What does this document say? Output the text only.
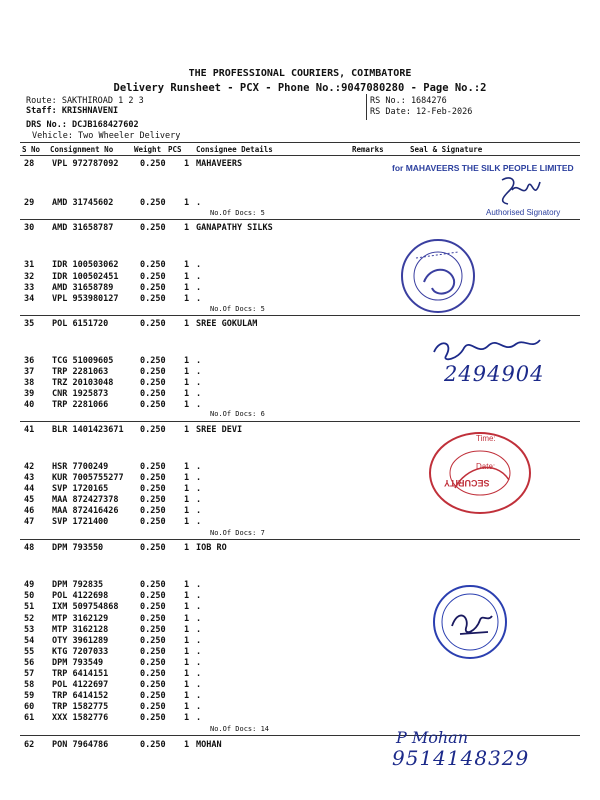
THE PROFESSIONAL COURIERS, COIMBATORE
Delivery Runsheet - PCX - Phone No.:9047080280 - Page No.:2
Route: SAKTHIROAD 1 2 3
Staff: KRISHNAVENI
DRS No.: DCJB168427602
Vehicle: Two Wheeler Delivery
RS No.: 1684276
RS Date: 12-Feb-2026
S No Consignment No	Weight PCS Consignee Details	Remarks	Seal & Signature
28 VPL 972787092	0.250 1 MAHAVEERS
29 AMD 31745602	0.250 1 .
No.Of Docs: 5
30 AMD 31658787	0.250 1 GANAPATHY SILKS
31 IDR 100503062	0.250 1 .
32 IDR 100502451	0.250 1 .
33 AMD 31658789	0.250 1 .
34 VPL 953980127	0.250 1 .
No.Of Docs: 5
35 POL 6151720	0.250 1 SREE GOKULAM
36 TCG 51009605	0.250 1 .
37 TRP 2281063	0.250 1 .
38 TRZ 20103048	0.250 1 .
39 CNR 1925873	0.250 1 .
40 TRP 2281066	0.250 1 .
No.Of Docs: 6
41 BLR 1401423671 0.250 1 SREE DEVI
42 HSR 7700249	0.250 1 .
43 KUR 7005755277 0.250 1 .
44 SVP 1720165	0.250 1 .
45 MAA 872427378	0.250 1 .
46 MAA 872416426	0.250 1 .
47 SVP 1721400	0.250 1 .
No.Of Docs: 7
48 DPM 793550	0.250 1 IOB RO
49 DPM 792835	0.250 1 .
50 POL 4122698	0.250 1 .
51 IXM 509754868	0.250 1 .
52 MTP 3162129	0.250 1 .
53 MTP 3162128	0.250 1 .
54 OTY 3961289	0.250 1 .
55 KTG 7207033	0.250 1 .
56 DPM 793549	0.250 1 .
57 TRP 6414151	0.250 1 .
58 POL 4122697	0.250 1 .
59 TRP 6414152	0.250 1 .
60 TRP 1582775	0.250 1 .
61 XXX 1582776	0.250 1 .
No.Of Docs: 14
62 PON 7964786	0.250 1 MOHAN
for MAHAVEERS THE SILK PEOPLE LIMITED
Authorised Signatory
2494904
Time:
Date:
SECURITY
P Mohan
9514148329
